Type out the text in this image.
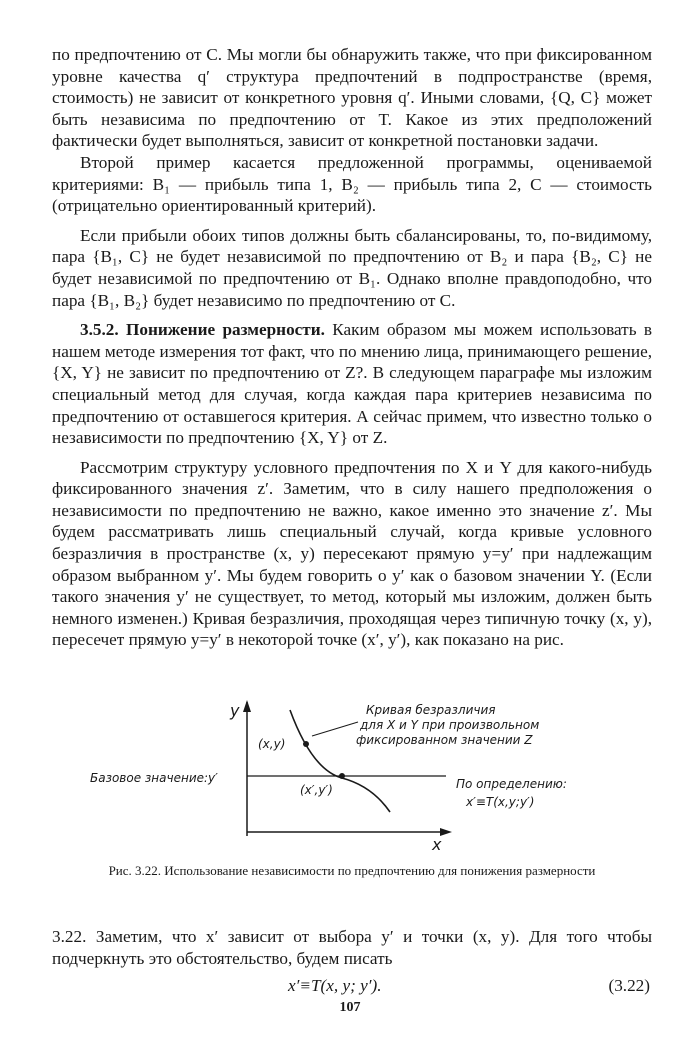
по предпочтению от C. Мы могли бы обнаружить также, что при фиксированном уровне качества q′ структура предпочтений в подпространстве (время, стоимость) не зависит от конкретного уровня q′. Иными словами, {Q, C} может быть независима по предпочтению от T. Какое из этих предположений фактически будет выполняться, зависит от конкретной постановки задачи.

Второй пример касается предложенной программы, оцениваемой критериями: B₁ — прибыль типа 1, B₂ — прибыль типа 2, C — стоимость (отрицательно ориентированный критерий).

Если прибыли обоих типов должны быть сбалансированы, то, по-видимому, пара {B₁, C} не будет независимой по предпочтению от B₂ и пара {B₂, C} не будет независимой по предпочтению от B₁. Однако вполне правдоподобно, что пара {B₁, B₂} будет независимо по предпочтению от C.

3.5.2. Понижение размерности. Каким образом мы можем использовать в нашем методе измерения тот факт, что по мнению лица, принимающего решение, {X, Y} не зависит по предпочтению от Z?. В следующем параграфе мы изложим специальный метод для случая, когда каждая пара критериев независима по предпочтению от оставшегося критерия. А сейчас примем, что известно только о независимости по предпочтению {X, Y} от Z.

Рассмотрим структуру условного предпочтения по X и Y для какого-нибудь фиксированного значения z′. Заметим, что в силу нашего предположения о независимости по предпочтению не важно, какое именно это значение z′. Мы будем рассматривать лишь специальный случай, когда кривые условного безразличия в пространстве (x, y) пересекают прямую y=y′ при надлежащим образом выбранном y′. Мы будем говорить о y′ как о базовом значении Y. (Если такого значения y′ не существует, то метод, который мы изложим, должен быть немного изменен.) Кривая безразличия, проходящая через типичную точку (x, y), пересечет прямую y=y′ в некоторой точке (x′, y′), как показано на рис.

y
x
(x,y)
(x′,y′)
Кривая безразличия
для X и Y при произвольном
фиксированном значении Z
Базовое значение:y′	По определению:
x′≡T(x,y;y′)
Рис. 3.22. Использование независимости по предпочтению для понижения размерности

3.22. Заметим, что x′ зависит от выбора y′ и точки (x, y). Для того чтобы подчеркнуть это обстоятельство, будем писать

x′≡T(x, y; y′).	(3.22)
107
